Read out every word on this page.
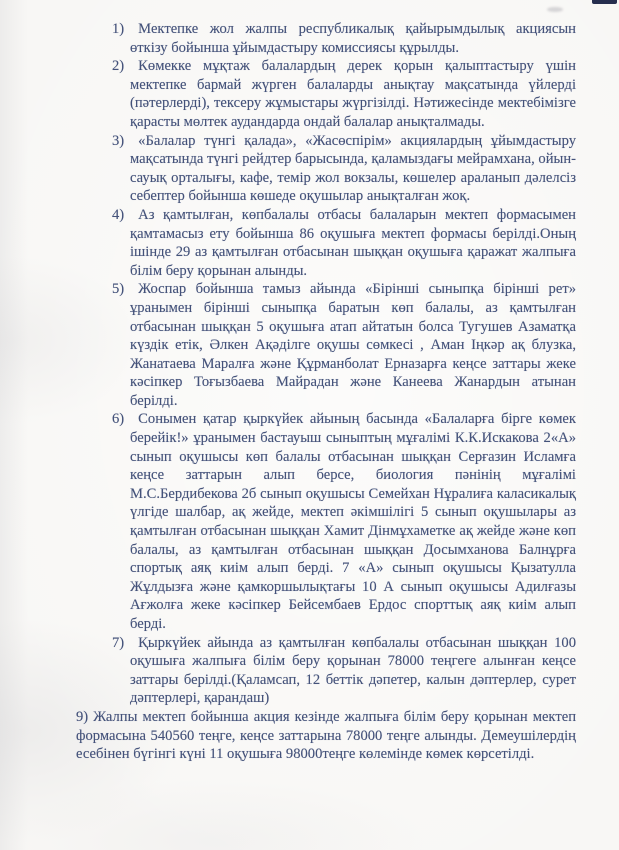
1) Мектепке жол жалпы республикалық қайырымдылық акциясын өткізу бойынша ұйымдастыру комиссиясы құрылды.
2) Көмекке мұқтаж балалардың дерек қорын қалыптастыру үшін мектепке бармай жүрген балаларды анықтау мақсатында үйлерді (пәтерлерді), тексеру жұмыстары жүргізілді. Нәтижесінде мектебімізге қарасты мөлтек аудандарда ондай балалар анықталмады.
3) «Балалар түнгі қалада», «Жасөспірім» акциялардың ұйымдастыру мақсатында түнгі рейдтер барысында, қаламыздағы мейрамхана, ойын-сауық орталығы, кафе, темір жол вокзалы, көшелер араланып дәлелсіз себептер бойынша көшеде оқушылар анықталған жоқ.
4) Аз қамтылған, көпбалалы отбасы балаларын мектеп формасымен қамтамасыз ету бойынша 86 оқушыға мектеп формасы берілді.Оның ішінде 29 аз қамтылған отбасынан шыққан оқушыға қаражат жалпыға білім беру қорынан алынды.
5) Жоспар бойынша тамыз айында «Бірінші сыныпқа бірінші рет» ұранымен бірінші сыныпқа баратын көп балалы, аз қамтылған отбасынан шыққан 5 оқушыға атап айтатын болса Тугушев Азаматқа күздік етік, Әлкен Ақәділге оқушы сөмкесі , Аман Іңкәр ақ блузка, Жанатаева Маралға және Құрманболат Ерназарға кеңсе заттары жеке кәсіпкер Тоғызбаева Майрадан және Канеева Жанардын атынан берілді.
6) Сонымен қатар қыркүйек айының басында «Балаларға бірге көмек берейік!» ұранымен бастауыш сыныптың мұғалімі К.К.Искакова 2«А» сынып оқушысы көп балалы отбасынан шыққан Серғазин Исламға кеңсе заттарын алып берсе, биология пәнінің мұғалімі М.С.Бердибекова 2б сынып оқушысы Семейхан Нұралиға каласикалық үлгіде шалбар, ақ жейде, мектеп әкімшілігі 5 сынып оқушылары аз қамтылған отбасынан шыққан Хамит Дінмұхаметке ақ жейде және көп балалы, аз қамтылған отбасынан шыққан Досымханова Балнұрға спортық аяқ киім алып берді. 7 «А» сынып оқушысы Қызатулла Жұлдызға және қамкоршылықтағы 10 А сынып оқушысы Адилғазы Ағжолға жеке кәсіпкер Бейсембаев Ердос спорттық аяқ киім алып берді.
7) Қыркүйек айында аз қамтылған көпбалалы отбасынан шыққан 100 оқушыға жалпыға білім беру қорынан 78000 теңгеге алынған кеңсе заттары берілді.(Қаламсап, 12 беттік дәпетер, калын дәптерлер, сурет дәптерлері, қарандаш)
9) Жалпы мектеп бойынша акция кезінде жалпыға білім беру қорынан мектеп формасына 540560 теңге, кеңсе заттарына 78000 теңге алынды. Демеушілердің есебінен бүгінгі күні 11 оқушыға 98000теңге көлемінде көмек көрсетілді.
